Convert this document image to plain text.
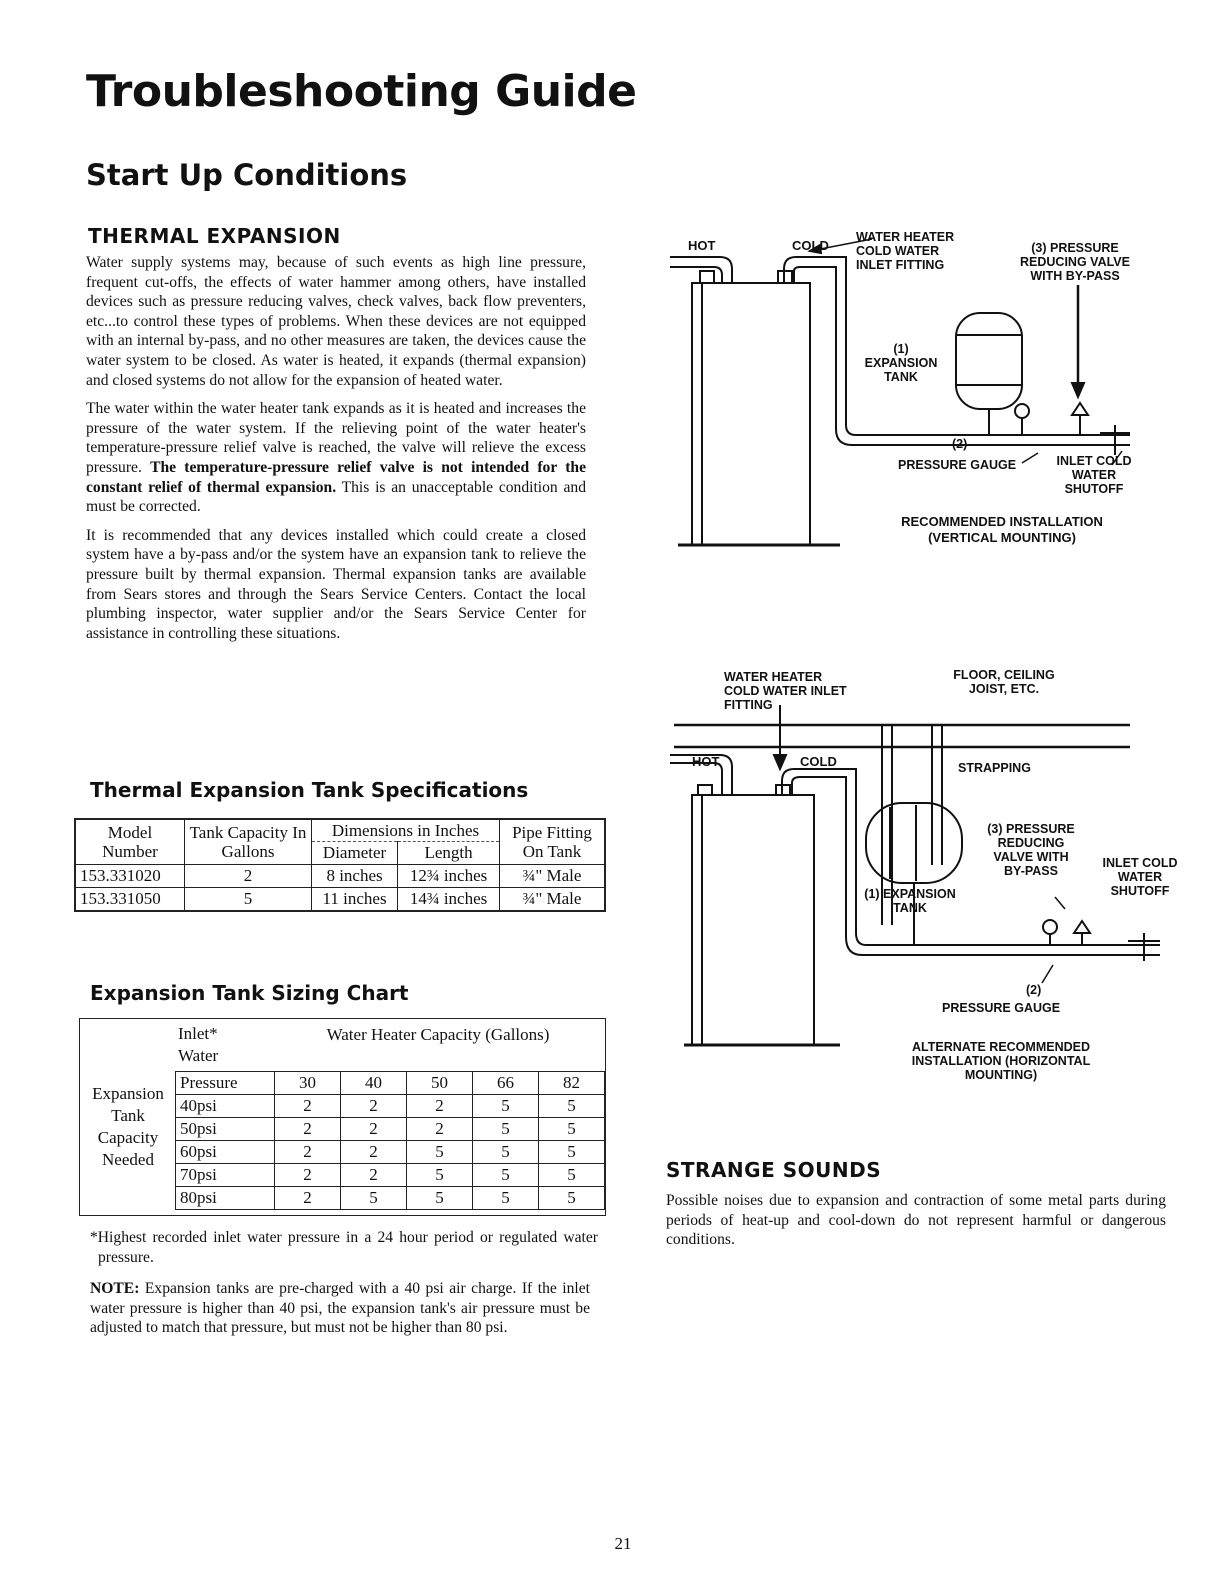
Troubleshooting Guide
Start Up Conditions
THERMAL EXPANSION

Water supply systems may, because of such events as high line pressure, frequent cut-offs, the effects of water hammer among others, have installed devices such as pressure reducing valves, check valves, back flow preventers, etc...to control these types of problems. When these devices are not equipped with an internal by-pass, and no other measures are taken, the devices cause the water system to be closed. As water is heated, it expands (thermal expansion) and closed systems do not allow for the expansion of heated water.

The water within the water heater tank expands as it is heated and increases the pressure of the water system. If the relieving point of the water heater's temperature-pressure relief valve is reached, the valve will relieve the excess pressure. The temperature-pressure relief valve is not intended for the constant relief of thermal expansion. This is an unacceptable condition and must be corrected.

It is recommended that any devices installed which could create a closed system have a by-pass and/or the system have an expansion tank to relieve the pressure built by thermal expansion. Thermal expansion tanks are available from Sears stores and through the Sears Service Centers. Contact the local plumbing inspector, water supplier and/or the Sears Service Center for assistance in controlling these situations.

Thermal Expansion Tank Specifications
Model Number	Tank Capacity In Gallons	Dimensions in Inches		Pipe Fitting On Tank
		Diameter	Length	
153.331020	2	8 inches	12¾ inches	¾" Male
153.331050	5	11 inches	14¾ inches	¾" Male
Expansion Tank Sizing Chart
Expansion Tank Capacity Needed
Inlet* Water
Water Heater Capacity (Gallons)
Pressure	30	40	50	66	82
40psi	2	2	2	5	5
50psi	2	2	2	5	5
60psi	2	2	5	5	5
70psi	2	2	5	5	5
80psi	2	5	5	5	5

*Highest recorded inlet water pressure in a 24 hour period or regulated water pressure.

NOTE: Expansion tanks are pre-charged with a 40 psi air charge. If the inlet water pressure is higher than 40 psi, the expansion tank's air pressure must be adjusted to match that pressure, but must not be higher than 80 psi.

HOT	COLD
WATER HEATER COLD WATER INLET FITTING
(3) PRESSURE REDUCING VALVE WITH BY-PASS
(1) EXPANSION TANK
(2)
PRESSURE GAUGE	INLET COLD WATER SHUTOFF
RECOMMENDED INSTALLATION (VERTICAL MOUNTING)
WATER HEATER COLD WATER INLET FITTING
FLOOR, CEILING JOIST, ETC.
HOT	COLD	STRAPPING
(3) PRESSURE REDUCING VALVE WITH BY-PASS
INLET COLD WATER SHUTOFF
(1) EXPANSION TANK
(2)
PRESSURE GAUGE
ALTERNATE RECOMMENDED INSTALLATION (HORIZONTAL MOUNTING)
STRANGE SOUNDS

Possible noises due to expansion and contraction of some metal parts during periods of heat-up and cool-down do not represent harmful or dangerous conditions.

21
